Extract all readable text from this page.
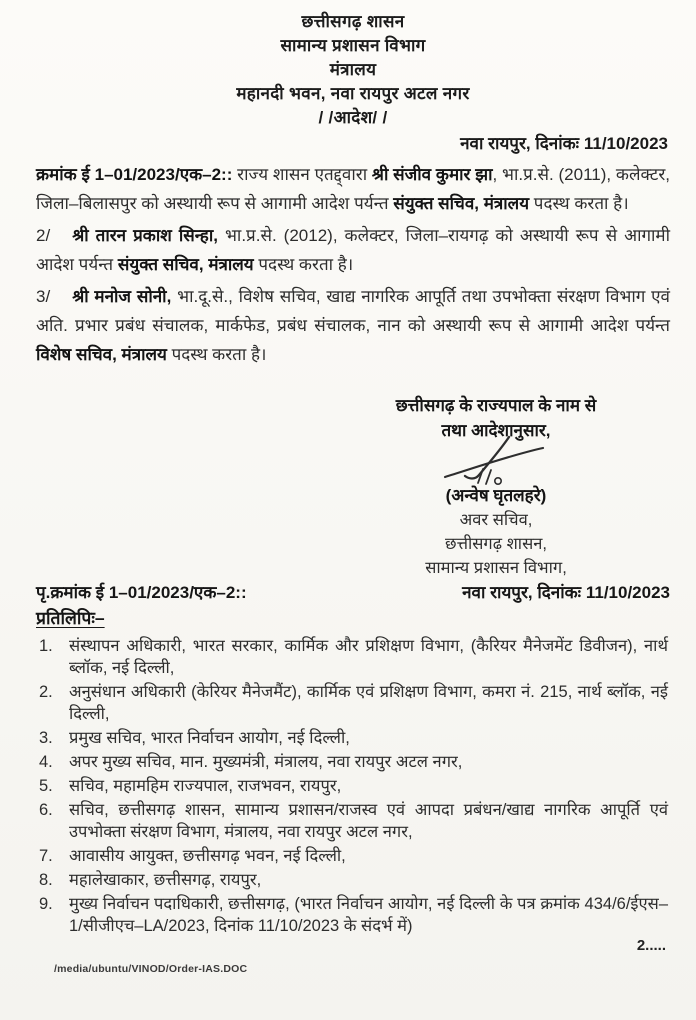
छत्तीसगढ़ शासन
सामान्य प्रशासन विभाग
मंत्रालय
महानदी भवन, नवा रायपुर अटल नगर
/ /आदेश/ /
नवा रायपुर, दिनांकः 11/10/2023

क्रमांक ई 1–01/2023/एक–2:: राज्य शासन एतद्द्वारा श्री संजीव कुमार झा, भा.प्र.से. (2011), कलेक्टर, जिला–बिलासपुर को अस्थायी रूप से आगामी आदेश पर्यन्त संयुक्त सचिव, मंत्रालय पदस्थ करता है।

2/ श्री तारन प्रकाश सिन्हा, भा.प्र.से. (2012), कलेक्टर, जिला–रायगढ़ को अस्थायी रूप से आगामी आदेश पर्यन्त संयुक्त सचिव, मंत्रालय पदस्थ करता है।

3/ श्री मनोज सोनी, भा.दू.से., विशेष सचिव, खाद्य नागरिक आपूर्ति तथा उपभोक्ता संरक्षण विभाग एवं अति. प्रभार प्रबंध संचालक, मार्कफेड, प्रबंध संचालक, नान को अस्थायी रूप से आगामी आदेश पर्यन्त विशेष सचिव, मंत्रालय पदस्थ करता है।

छत्तीसगढ़ के राज्यपाल के नाम से
तथा आदेशानुसार,
(अन्वेष घृतलहरे)
अवर सचिव,
छत्तीसगढ़ शासन,
सामान्य प्रशासन विभाग,
पृ.क्रमांक ई 1–01/2023/एक–2::	नवा रायपुर, दिनांकः 11/10/2023
प्रतिलिपिः–
1. संस्थापन अधिकारी, भारत सरकार, कार्मिक और प्रशिक्षण विभाग, (कैरियर मैनेजमेंट डिवीजन), नार्थ ब्लॉक, नई दिल्ली,
2. अनुसंधान अधिकारी (केरियर मैनेजमैंट), कार्मिक एवं प्रशिक्षण विभाग, कमरा नं. 215, नार्थ ब्लॉक, नई दिल्ली,
3. प्रमुख सचिव, भारत निर्वाचन आयोग, नई दिल्ली,
4. अपर मुख्य सचिव, मान. मुख्यमंत्री, मंत्रालय, नवा रायपुर अटल नगर,
5. सचिव, महामहिम राज्यपाल, राजभवन, रायपुर,
6. सचिव, छत्तीसगढ़ शासन, सामान्य प्रशासन/राजस्व एवं आपदा प्रबंधन/खाद्य नागरिक आपूर्ति एवं उपभोक्ता संरक्षण विभाग, मंत्रालय, नवा रायपुर अटल नगर,
7. आवासीय आयुक्त, छत्तीसगढ़ भवन, नई दिल्ली,
8. महालेखाकार, छत्तीसगढ़, रायपुर,
9. मुख्य निर्वाचन पदाधिकारी, छत्तीसगढ़, (भारत निर्वाचन आयोग, नई दिल्ली के पत्र क्रमांक 434/6/ईएस–1/सीजीएच–LA/2023, दिनांक 11/10/2023 के संदर्भ में)
2.....
/media/ubuntu/VINOD/Order-IAS.DOC
